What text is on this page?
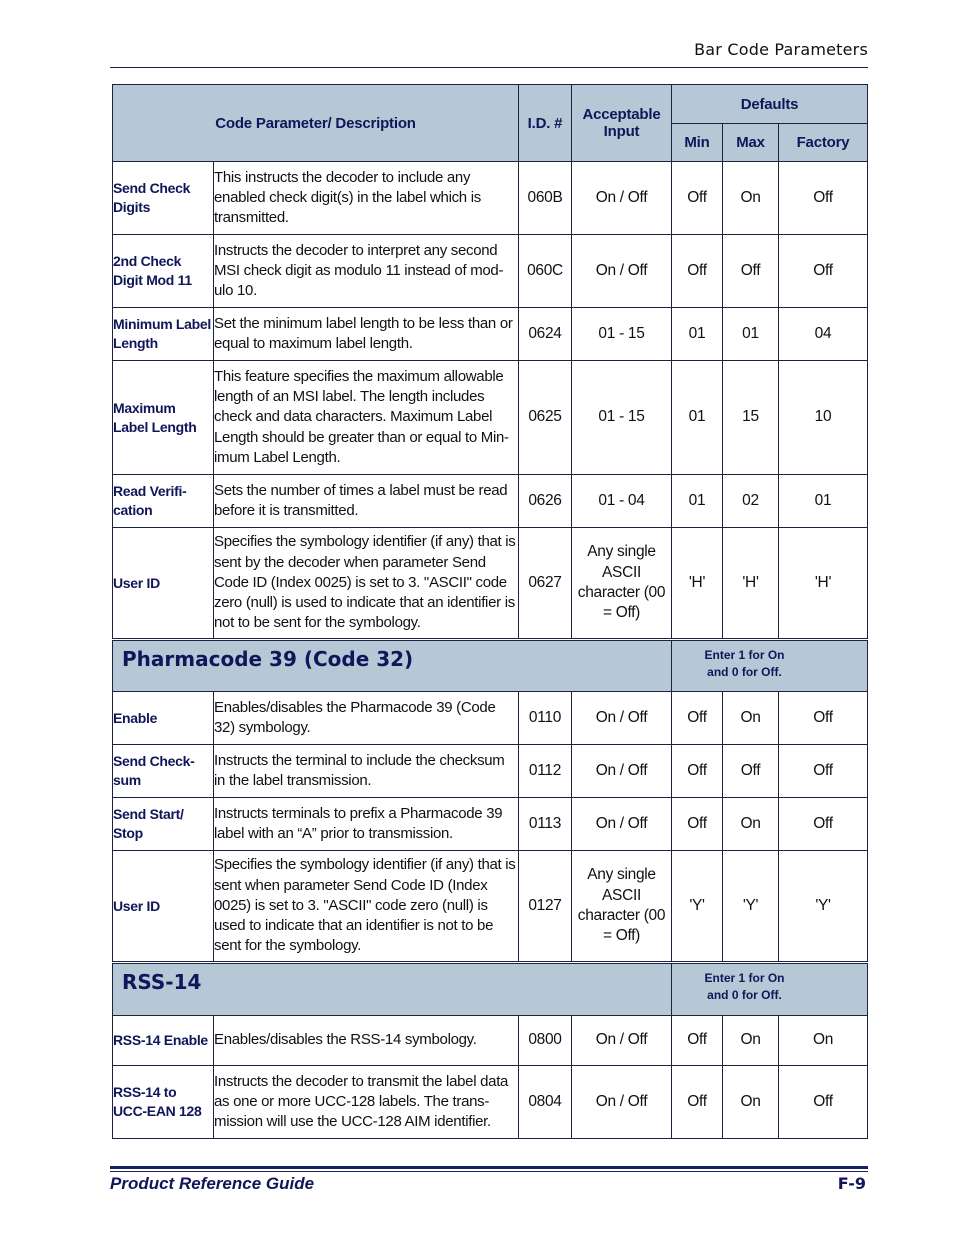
Bar Code Parameters
Code Parameter/ Description		I.D. #	Acceptable Input	Defaults		
				Min	Max	Factory
Send Check Digits	This instructs the decoder to include any enabled check digit(s) in the label which is transmitted.	060B	On / Off	Off	On	Off
2nd Check Digit Mod 11	Instructs the decoder to interpret any second MSI check digit as modulo 11 instead of mod-ulo 10.	060C	On / Off	Off	Off	Off
Minimum Label Length	Set the minimum label length to be less than or equal to maximum label length.	0624	01 - 15	01	01	04
Maximum Label Length	This feature specifies the maximum allowable length of an MSI label. The length includes check and data characters. Maximum Label Length should be greater than or equal to Min-imum Label Length.	0625	01 - 15	01	15	10
Read Verifi-cation	Sets the number of times a label must be read before it is transmitted.	0626	01 - 04	01	02	01
User ID	Specifies the symbology identifier (if any) that is sent by the decoder when parameter Send Code ID (Index 0025) is set to 3. "ASCII" code zero (null) is used to indicate that an identifier is not to be sent for the symbology.	0627	Any single ASCII character (00 = Off)	'H'	'H'	'H'

Pharmacode 39 (Code 32)				Enter 1 for On
and 0 for Off.		

Enable	Enables/disables the Pharmacode 39 (Code 32) symbology.	0110	On / Off	Off	On	Off
Send Check-sum	Instructs the terminal to include the checksum in the label transmission.	0112	On / Off	Off	Off	Off
Send Start/ Stop	Instructs terminals to prefix a Pharmacode 39 label with an “A” prior to transmission.	0113	On / Off	Off	On	Off
User ID	Specifies the symbology identifier (if any) that is sent when parameter Send Code ID (Index 0025) is set to 3. "ASCII" code zero (null) is used to indicate that an identifier is not to be sent for the symbology.	0127	Any single ASCII character (00 = Off)	'Y'	'Y'	'Y'

RSS-14				Enter 1 for On
and 0 for Off.		

RSS-14 Enable	Enables/disables the RSS-14 symbology.	0800	On / Off	Off	On	On
RSS-14 to UCC-EAN 128	Instructs the decoder to transmit the label data as one or more UCC-128 labels. The trans-mission will use the UCC-128 AIM identifier.	0804	On / Off	Off	On	Off
Product Reference Guide	F-9
